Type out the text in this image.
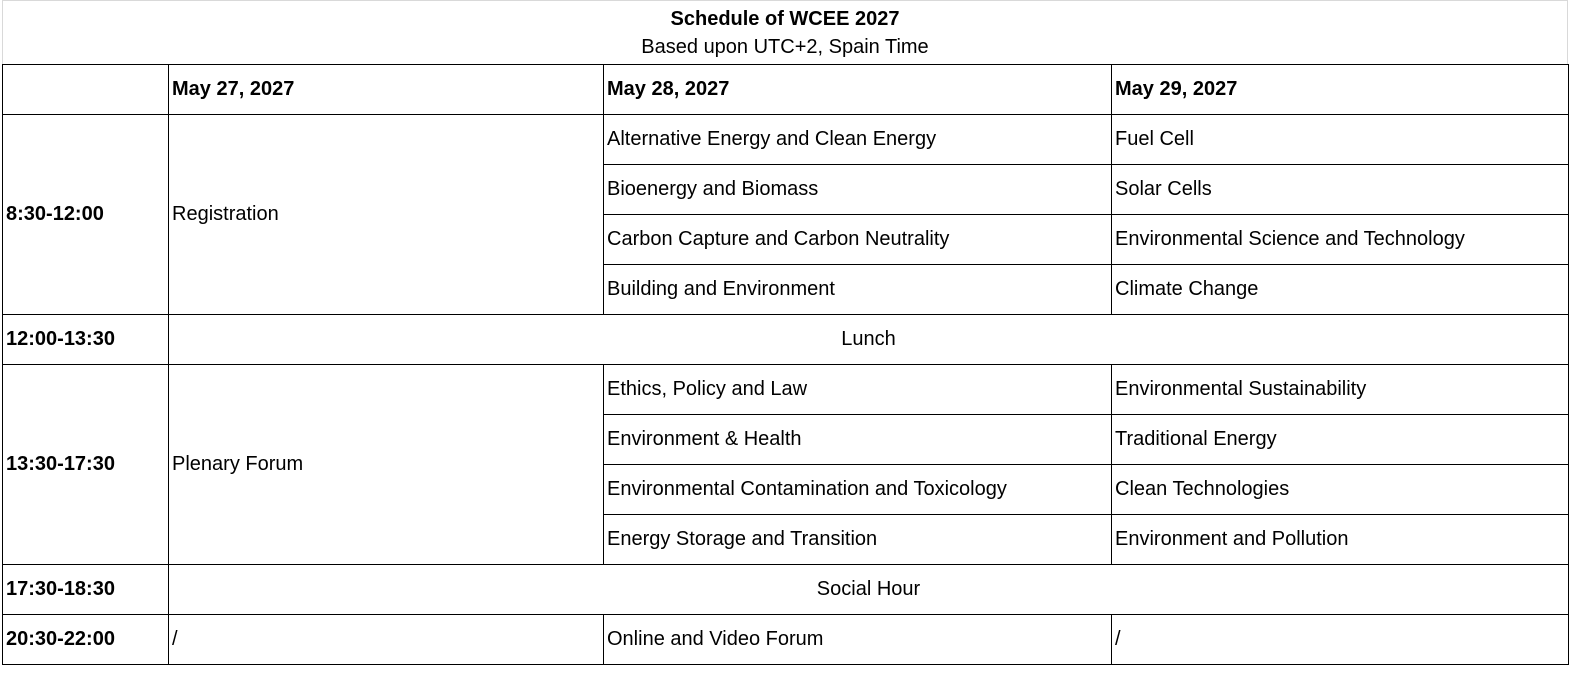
Schedule of WCEE 2027
Based upon UTC+2, Spain Time
	May 27, 2027	May 28, 2027	May 29, 2027
8:30-12:00	Registration	Alternative Energy and Clean Energy	Fuel Cell
		Bioenergy and Biomass	Solar Cells
		Carbon Capture and Carbon Neutrality	Environmental Science and Technology
		Building and Environment	Climate Change
12:00-13:30	Lunch		
13:30-17:30	Plenary Forum	Ethics, Policy and Law	Environmental Sustainability
		Environment & Health	Traditional Energy
		Environmental Contamination and Toxicology	Clean Technologies
		Energy Storage and Transition	Environment and Pollution
17:30-18:30	Social Hour		
20:30-22:00	/	Online and Video Forum	/
